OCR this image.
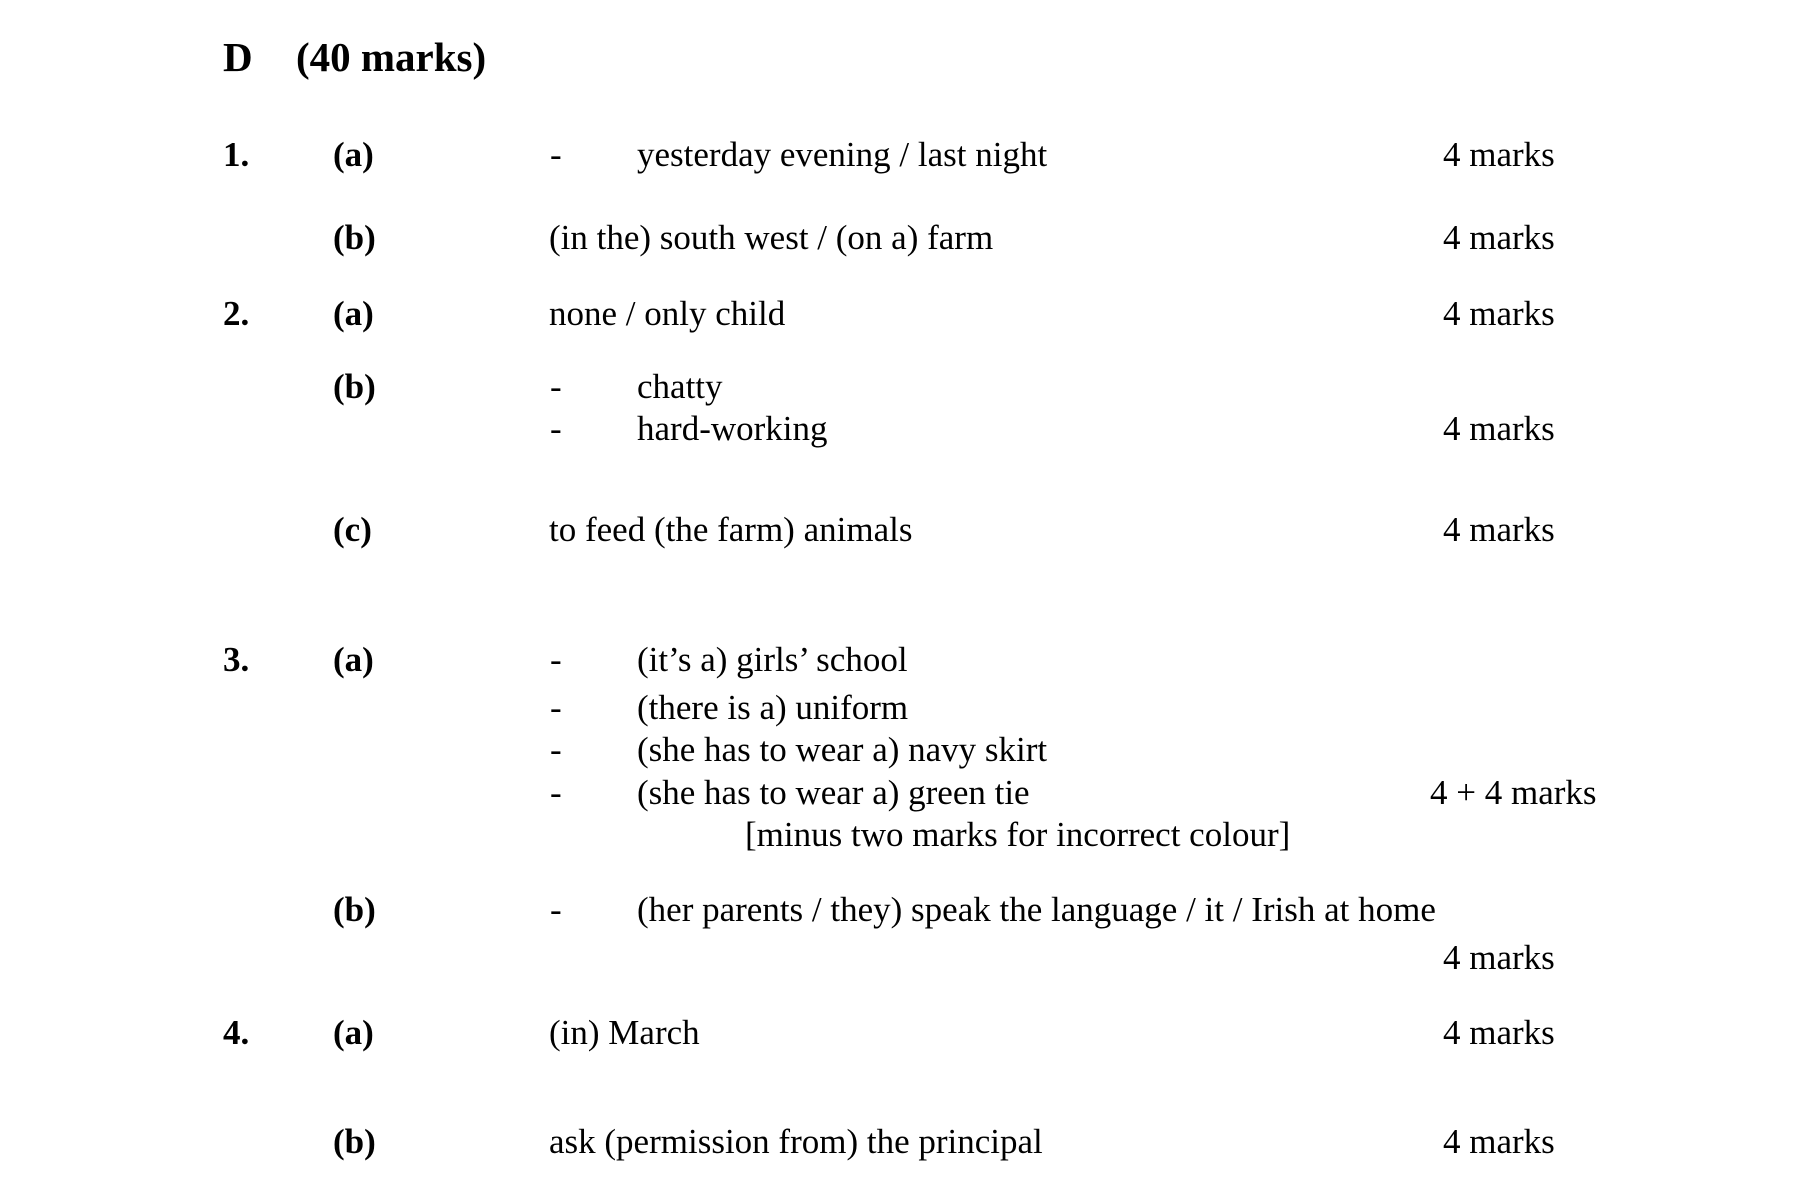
D (40 marks)
1. (a)	- yesterday evening / last night	4 marks
(b)	(in the) south west / (on a) farm	4 marks
2. (a)	none / only child	4 marks
(b)	- chatty
- hard-working	4 marks
(c)	to feed (the farm) animals	4 marks
3. (a)	- (it’s a) girls’ school
- (there is a) uniform
- (she has to wear a) navy skirt
- (she has to wear a) green tie	4 + 4 marks
[minus two marks for incorrect colour]
(b)	- (her parents / they) speak the language / it / Irish at home
4 marks
4. (a)	(in) March	4 marks
(b)	ask (permission from) the principal	4 marks
